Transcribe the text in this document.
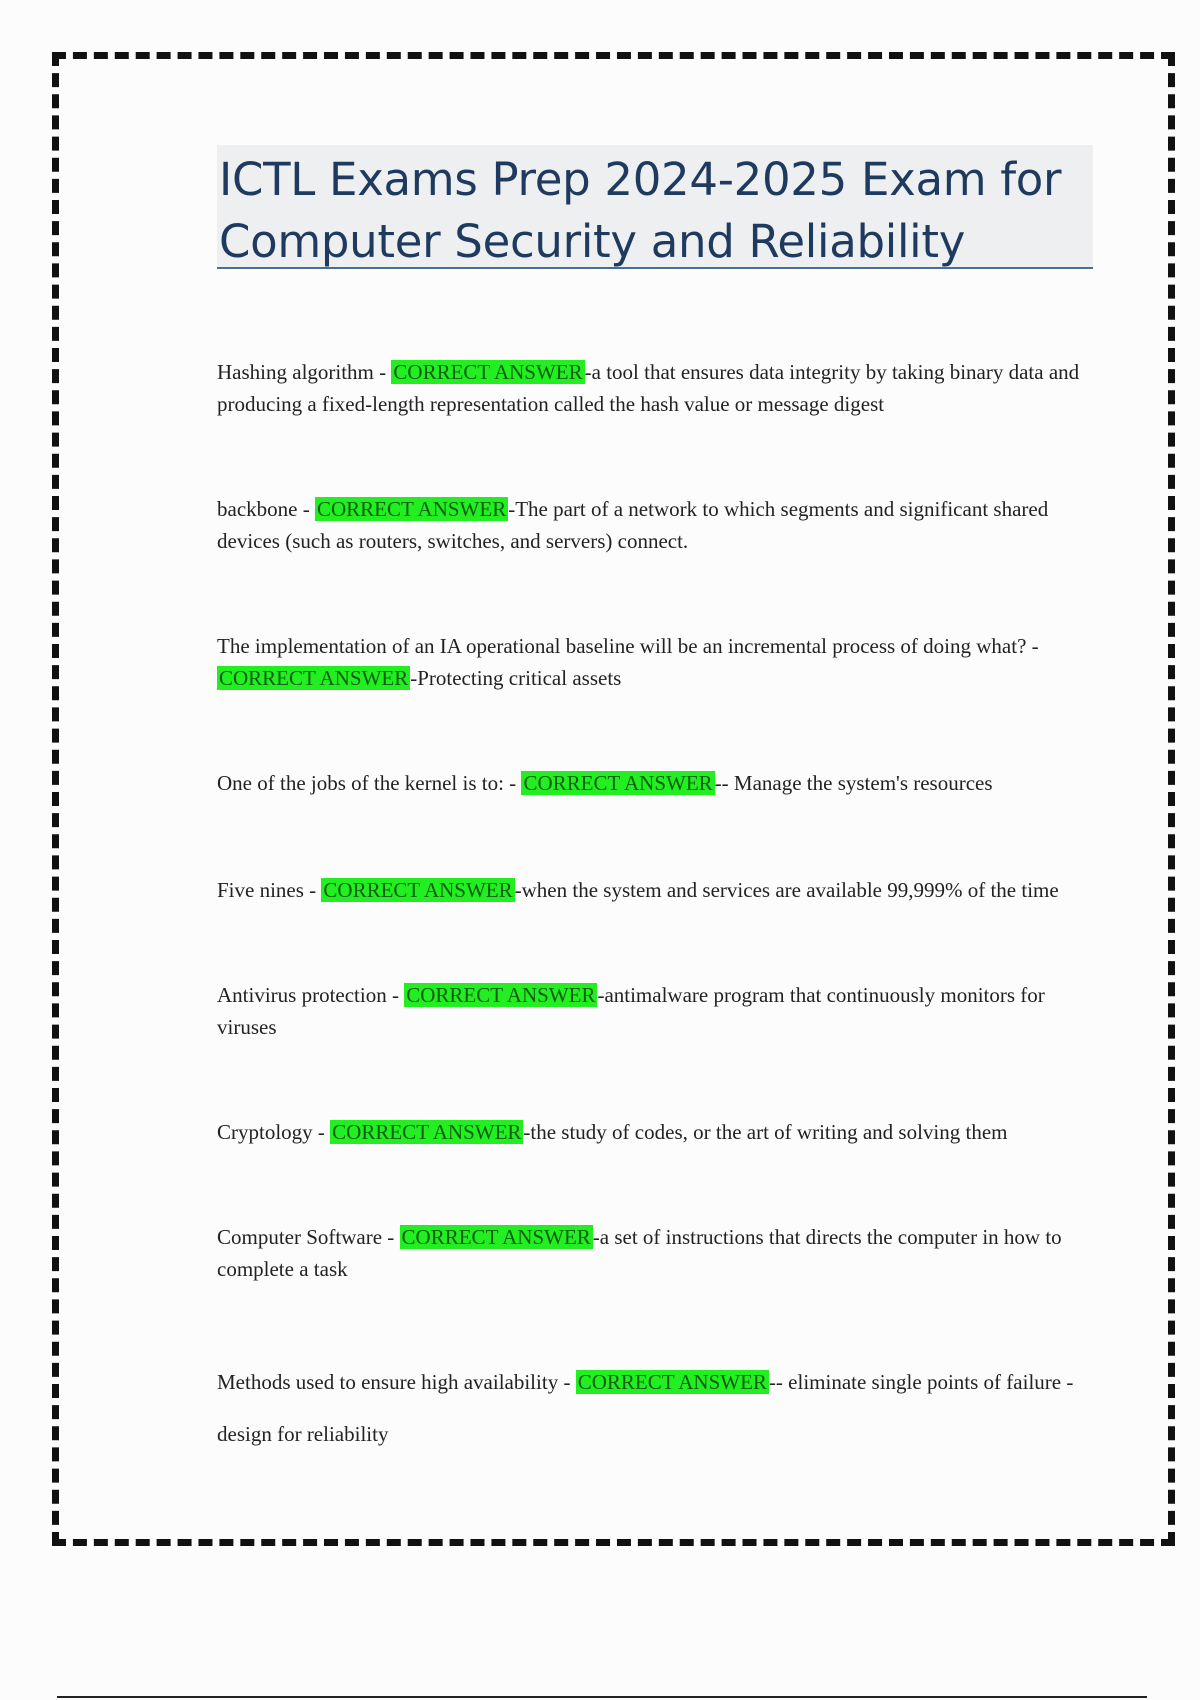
ICTL Exams Prep 2024-2025 Exam for Computer Security and Reliability
Hashing algorithm - CORRECT ANSWER-a tool that ensures data integrity by taking binary data and producing a fixed-length representation called the hash value or message digest
backbone - CORRECT ANSWER-The part of a network to which segments and significant shared devices (such as routers, switches, and servers) connect.
The implementation of an IA operational baseline will be an incremental process of doing what? - CORRECT ANSWER-Protecting critical assets
One of the jobs of the kernel is to: - CORRECT ANSWER-- Manage the system's resources
Five nines - CORRECT ANSWER-when the system and services are available 99,999% of the time
Antivirus protection - CORRECT ANSWER-antimalware program that continuously monitors for viruses
Cryptology - CORRECT ANSWER-the study of codes, or the art of writing and solving them
Computer Software - CORRECT ANSWER-a set of instructions that directs the computer in how to complete a task
Methods used to ensure high availability - CORRECT ANSWER-- eliminate single points of failure - design for reliability
